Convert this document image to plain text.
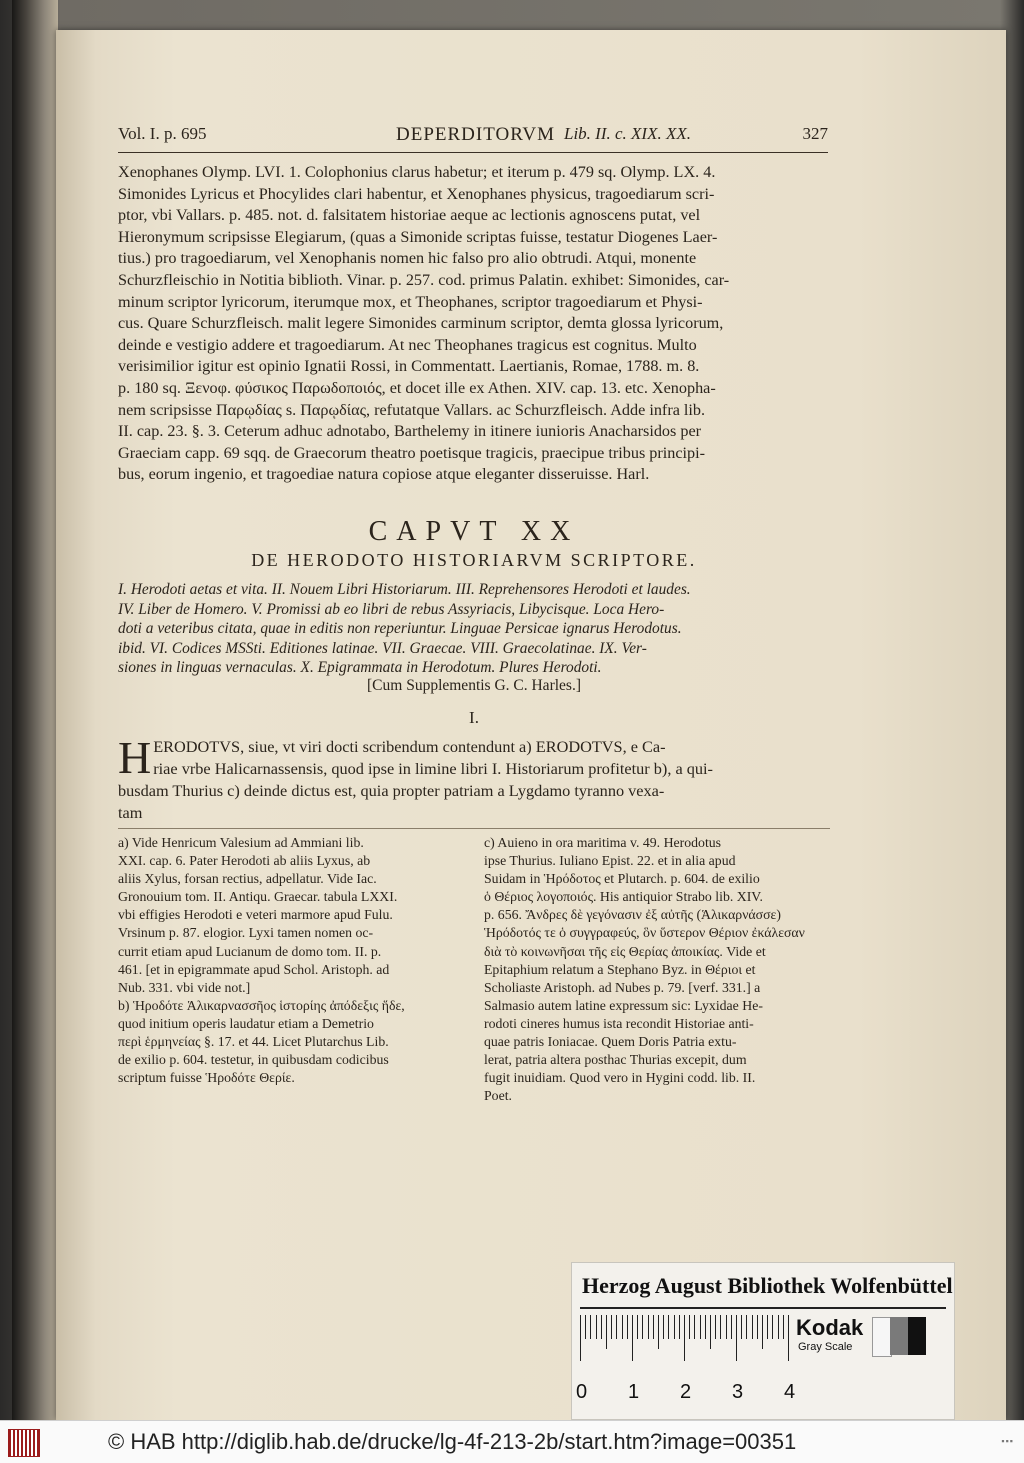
Vol. I. p. 695	DEPERDITORVM Lib. II. c. XIX. XX.	327
Xenophanes Olymp. LVI. 1. Colophonius clarus habetur; et iterum p. 479 sq. Olymp. LX. 4.
Simonides Lyricus et Phocylides clari habentur, et Xenophanes physicus, tragoediarum scri-
ptor, vbi Vallars. p. 485. not. d. falsitatem historiae aeque ac lectionis agnoscens putat, vel
Hieronymum scripsisse Elegiarum, (quas a Simonide scriptas fuisse, testatur Diogenes Laer-
tius.) pro tragoediarum, vel Xenophanis nomen hic falso pro alio obtrudi. Atqui, monente
Schurzfleischio in Notitia biblioth. Vinar. p. 257. cod. primus Palatin. exhibet: Simonides, car-
minum scriptor lyricorum, iterumque mox, et Theophanes, scriptor tragoediarum et Physi-
cus. Quare Schurzfleisch. malit legere Simonides carminum scriptor, demta glossa lyricorum,
deinde e vestigio addere et tragoediarum. At nec Theophanes tragicus est cognitus. Multo
verisimilior igitur est opinio Ignatii Rossi, in Commentatt. Laertianis, Romae, 1788. m. 8.
p. 180 sq. Ξενοφ. φύσικος Παρωδοποιός, et docet ille ex Athen. XIV. cap. 13. etc. Xenopha-
nem scripsisse Παρῳδίας s. Παρῳδίας, refutatque Vallars. ac Schurzfleisch. Adde infra lib.
II. cap. 23. §. 3. Ceterum adhuc adnotabo, Barthelemy in itinere iunioris Anacharsidos per
Graeciam capp. 69 sqq. de Graecorum theatro poetisque tragicis, praecipue tribus principi-
bus, eorum ingenio, et tragoediae natura copiose atque eleganter disseruisse. Harl.
CAPVT XX
DE HERODOTO HISTORIARVM SCRIPTORE.
I. Herodoti aetas et vita. II. Nouem Libri Historiarum. III. Reprehensores Herodoti et laudes.
IV. Liber de Homero. V. Promissi ab eo libri de rebus Assyriacis, Libycisque. Loca Hero-
doti a veteribus citata, quae in editis non reperiuntur. Linguae Persicae ignarus Herodotus.
ibid. VI. Codices MSSti. Editiones latinae. VII. Graecae. VIII. Graecolatinae. IX. Ver-
siones in linguas vernaculas. X. Epigrammata in Herodotum. Plures Herodoti.
[Cum Supplementis G. C. Harles.]
I.
H ERODOTVS, siue, vt viri docti scribendum contendunt a) ERODOTVS, e Ca-
riae vrbe Halicarnassensis, quod ipse in limine libri I. Historiarum profitetur b), a qui-
busdam Thurius c) deinde dictus est, quia propter patriam a Lygdamo tyranno vexa-
tam
a) Vide Henricum Valesium ad Ammiani lib.
XXI. cap. 6. Pater Herodoti ab aliis Lyxus, ab
aliis Xylus, forsan rectius, adpellatur. Vide Iac.
Gronouium tom. II. Antiqu. Graecar. tabula LXXI.
vbi effigies Herodoti e veteri marmore apud Fulu.
Vrsinum p. 87. elogior. Lyxi tamen nomen oc-
currit etiam apud Lucianum de domo tom. II. p.
461. [et in epigrammate apud Schol. Aristoph. ad
Nub. 331. vbi vide not.]
b) Ἡροδότε Ἁλικαρνασσῆος ἱστορίης ἀπόδεξις ἥδε,
quod initium operis laudatur etiam a Demetrio
περὶ ἑρμηνείας §. 17. et 44. Licet Plutarchus Lib.
de exilio p. 604. testetur, in quibusdam codicibus
scriptum fuisse Ἡροδότε Θερίε.
c) Auieno in ora maritima v. 49. Herodotus
ipse Thurius. Iuliano Epist. 22. et in alia apud
Suidam in Ἡρόδοτος et Plutarch. p. 604. de exilio
ὁ Θέριος λογοποιός. His antiquior Strabo lib. XIV.
p. 656. Ἄνδρες δὲ γεγόνασιν ἐξ αὐτῆς (Ἁλικαρνάσσε)
Ἡρόδοτός τε ὁ συγγραφεύς, ὃν ὕστερον Θέριον ἐκάλεσαν
διὰ τὸ κοινωνῆσαι τῆς εἰς Θερίας ἀποικίας. Vide et
Epitaphium relatum a Stephano Byz. in Θέριοι et
Scholiaste Aristoph. ad Nubes p. 79. [verf. 331.] a
Salmasio autem latine expressum sic: Lyxidae He-
rodoti cineres humus ista recondit Historiae anti-
quae patris Ioniacae. Quem Doris Patria extu-
lerat, patria altera posthac Thurias excepit, dum
fugit inuidiam. Quod vero in Hygini codd. lib. II.
Poet.
Herzog August Bibliothek Wolfenbüttel
0 1 2 3 4
Kodak
Gray Scale
© HAB http://diglib.hab.de/drucke/lg-4f-213-2b/start.htm?image=00351	▪▪▪
